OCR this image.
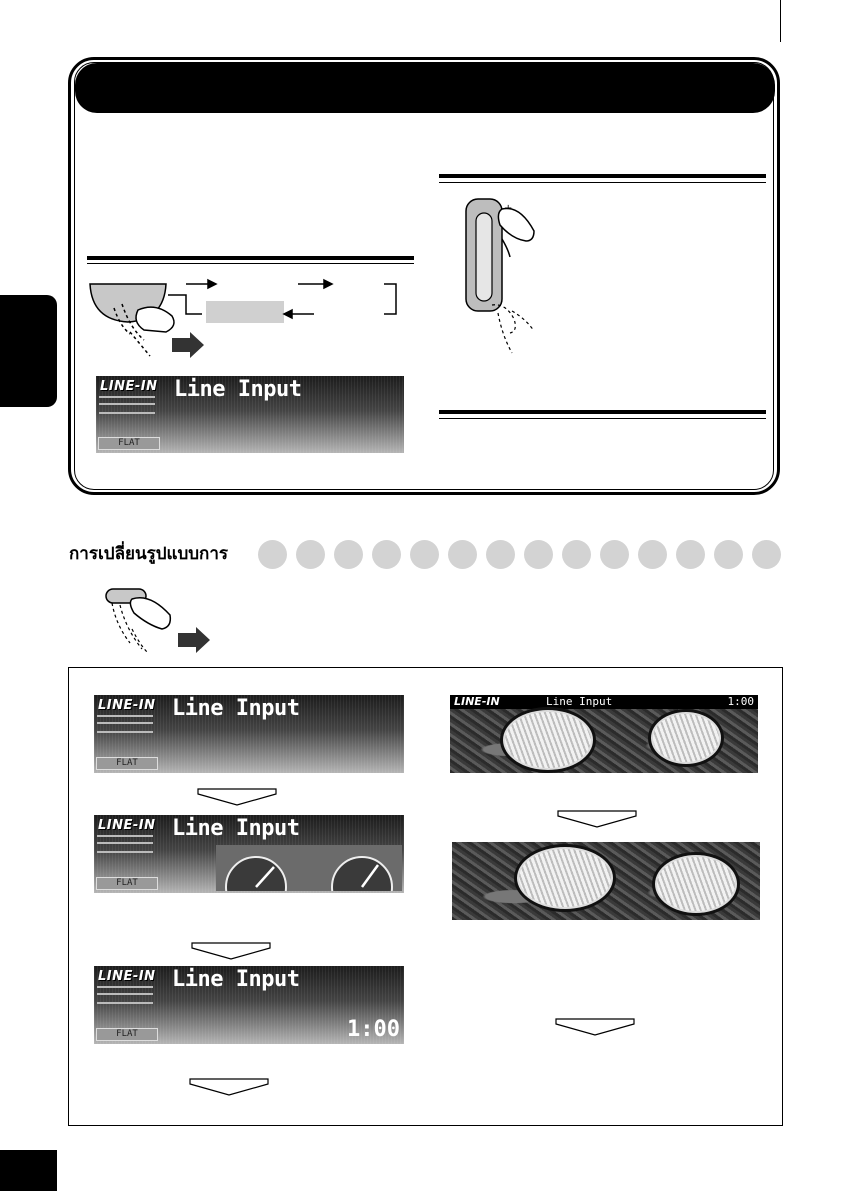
LINE-IN Line Input
FLAT
การเปลี่ยนรูปแบบการ
LINE-IN Line Input
FLAT
LINE-IN Line Input
FLAT
LINE-IN Line Input
FLAT	1:00
LINE-IN	Line Input	1:00
